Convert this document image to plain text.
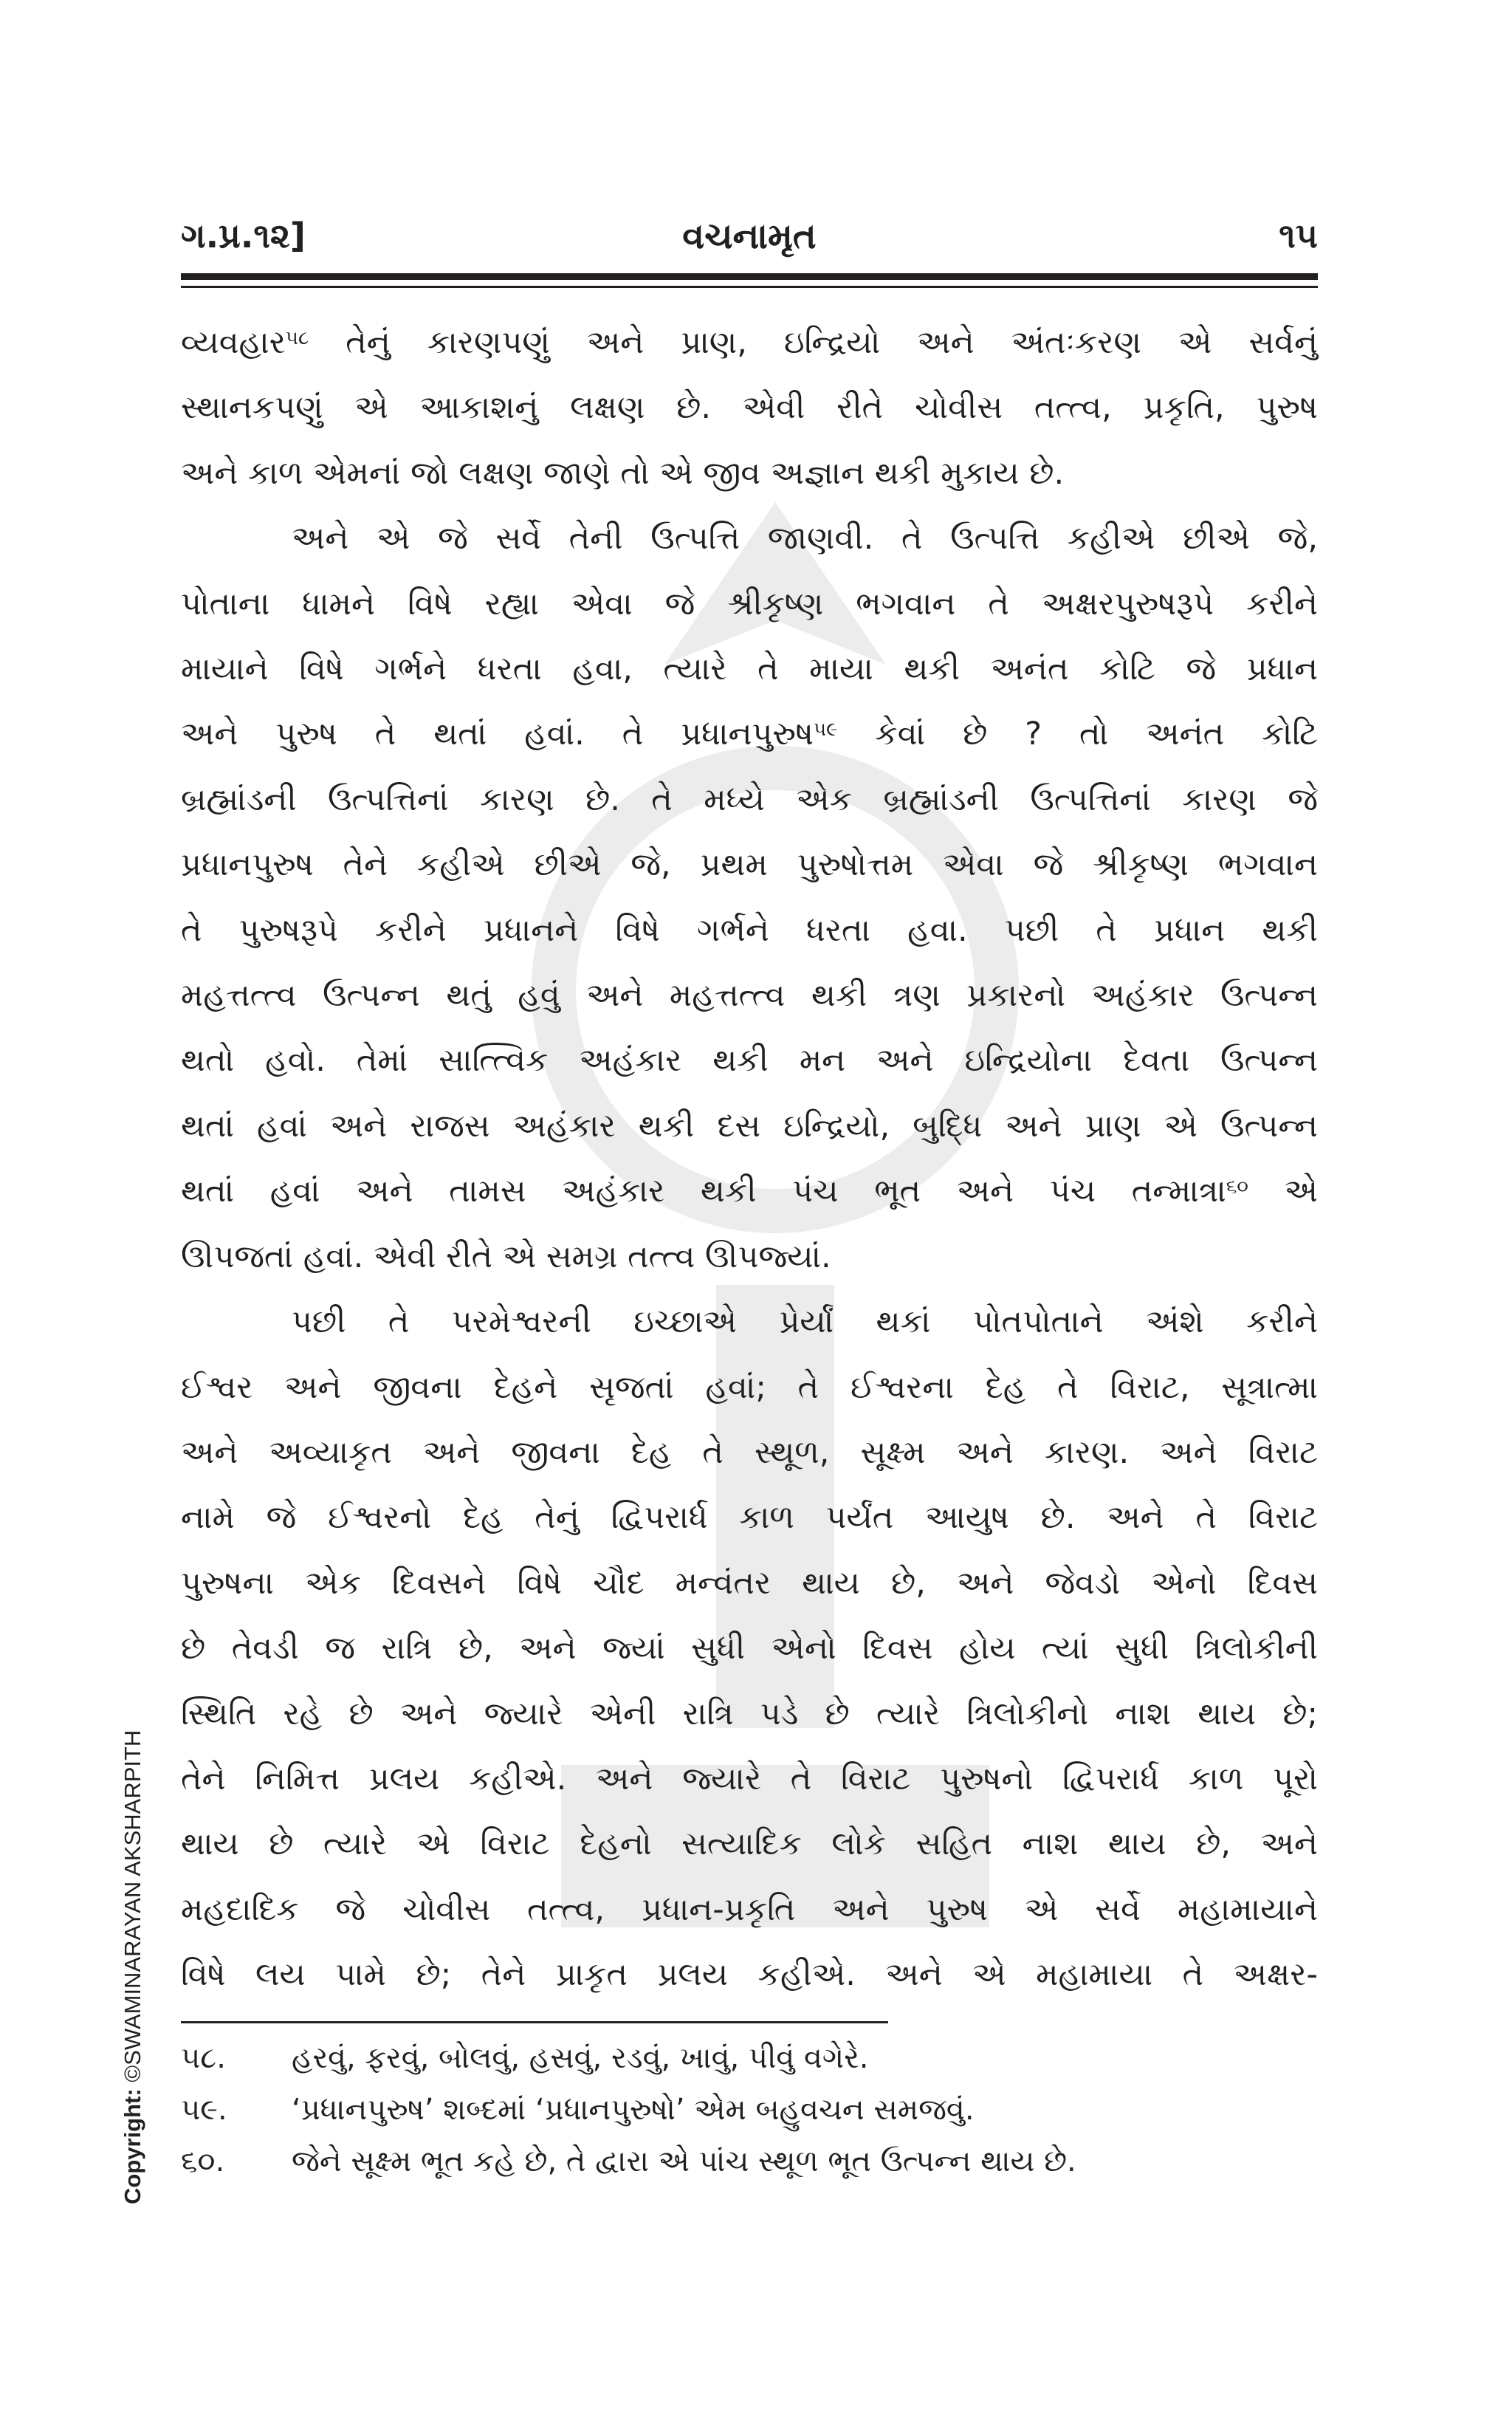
ગ.પ્ર.૧૨]	વચનામૃત	૧૫

વ્યવહાર$^{૫૮}$ તેનું કારણપણું અને પ્રાણ, ઇન્દ્રિયો અને અંતઃકરણ એ સર્વનું

સ્થાનકપણું એ આકાશનું લક્ષણ છે. એવી રીતે ચોવીસ તત્ત્વ, પ્રકૃતિ, પુરુષ

અને કાળ એમનાં જો લક્ષણ જાણે તો એ જીવ અજ્ઞાન થકી મુકાય છે.

અને એ જે સર્વે તેની ઉત્પત્તિ જાણવી. તે ઉત્પત્તિ કહીએ છીએ જે,

પોતાના ધામને વિષે રહ્યા એવા જે શ્રીકૃષ્ણ ભગવાન તે અક્ષરપુરુષરૂપે કરીને

માયાને વિષે ગર્ભને ધરતા હવા, ત્યારે તે માયા થકી અનંત કોટિ જે પ્રધાન

અને પુરુષ તે થતાં હવાં. તે પ્રધાનપુરુષ$^{૫૯}$ કેવાં છે ? તો અનંત કોટિ

બ્રહ્માંડની ઉત્પત્તિનાં કારણ છે. તે મધ્યે એક બ્રહ્માંડની ઉત્પત્તિનાં કારણ જે

પ્રધાનપુરુષ તેને કહીએ છીએ જે, પ્રથમ પુરુષોત્તમ એવા જે શ્રીકૃષ્ણ ભગવાન

તે પુરુષરૂપે કરીને પ્રધાનને વિષે ગર્ભને ધરતા હવા. પછી તે પ્રધાન થકી

મહત્તત્ત્વ ઉત્પન્ન થતું હવું અને મહત્તત્ત્વ થકી ત્રણ પ્રકારનો અહંકાર ઉત્પન્ન

થતો હવો. તેમાં સાત્ત્વિક અહંકાર થકી મન અને ઇન્દ્રિયોના દેવતા ઉત્પન્ન

થતાં હવાં અને રાજસ અહંકાર થકી દસ ઇન્દ્રિયો, બુદ્ધિ અને પ્રાણ એ ઉત્પન્ન

થતાં હવાં અને તામસ અહંકાર થકી પંચ ભૂત અને પંચ તન્માત્રા$^{૬૦}$ એ

ઊપજતાં હવાં. એવી રીતે એ સમગ્ર તત્ત્વ ઊપજ્યાં.

પછી તે પરમેશ્વરની ઇચ્છાએ પ્રેર્યાં થકાં પોતપોતાને અંશે કરીને

ઈશ્વર અને જીવના દેહને સૃજતાં હવાં; તે ઈશ્વરના દેહ તે વિરાટ, સૂત્રાત્મા

અને અવ્યાકૃત અને જીવના દેહ તે સ્થૂળ, સૂક્ષ્મ અને કારણ. અને વિરાટ

નામે જે ઈશ્વરનો દેહ તેનું દ્વિપરાર્ધ કાળ પર્યંત આયુષ છે. અને તે વિરાટ

પુરુષના એક દિવસને વિષે ચૌદ મન્વંતર થાય છે, અને જેવડો એનો દિવસ

છે તેવડી જ રાત્રિ છે, અને જ્યાં સુધી એનો દિવસ હોય ત્યાં સુધી ત્રિલોકીની

સ્થિતિ રહે છે અને જ્યારે એની રાત્રિ પડે છે ત્યારે ત્રિલોકીનો નાશ થાય છે;

તેને નિમિત્ત પ્રલય કહીએ. અને જ્યારે તે વિરાટ પુરુષનો દ્વિપરાર્ધ કાળ પૂરો

થાય છે ત્યારે એ વિરાટ દેહનો સત્યાદિક લોકે સહિત નાશ થાય છે, અને

મહદાદિક જે ચોવીસ તત્ત્વ, પ્રધાન-પ્રકૃતિ અને પુરુષ એ સર્વે મહામાયાને

વિષે લય પામે છે; તેને પ્રાકૃત પ્રલય કહીએ. અને એ મહામાયા તે અક્ષર-

૫૮.	હરવું, ફરવું, બોલવું, હસવું, રડવું, ખાવું, પીવું વગેરે.
૫૯.	‘પ્રધાનપુરુષ’ શબ્દમાં ‘પ્રધાનપુરુષો’ એમ બહુવચન સમજવું.
૬૦.	જેને સૂક્ષ્મ ભૂત કહે છે, તે દ્વારા એ પાંચ સ્થૂળ ભૂત ઉત્પન્ન થાય છે.
Copyright: ©SWAMINARAYAN AKSHARPITH
